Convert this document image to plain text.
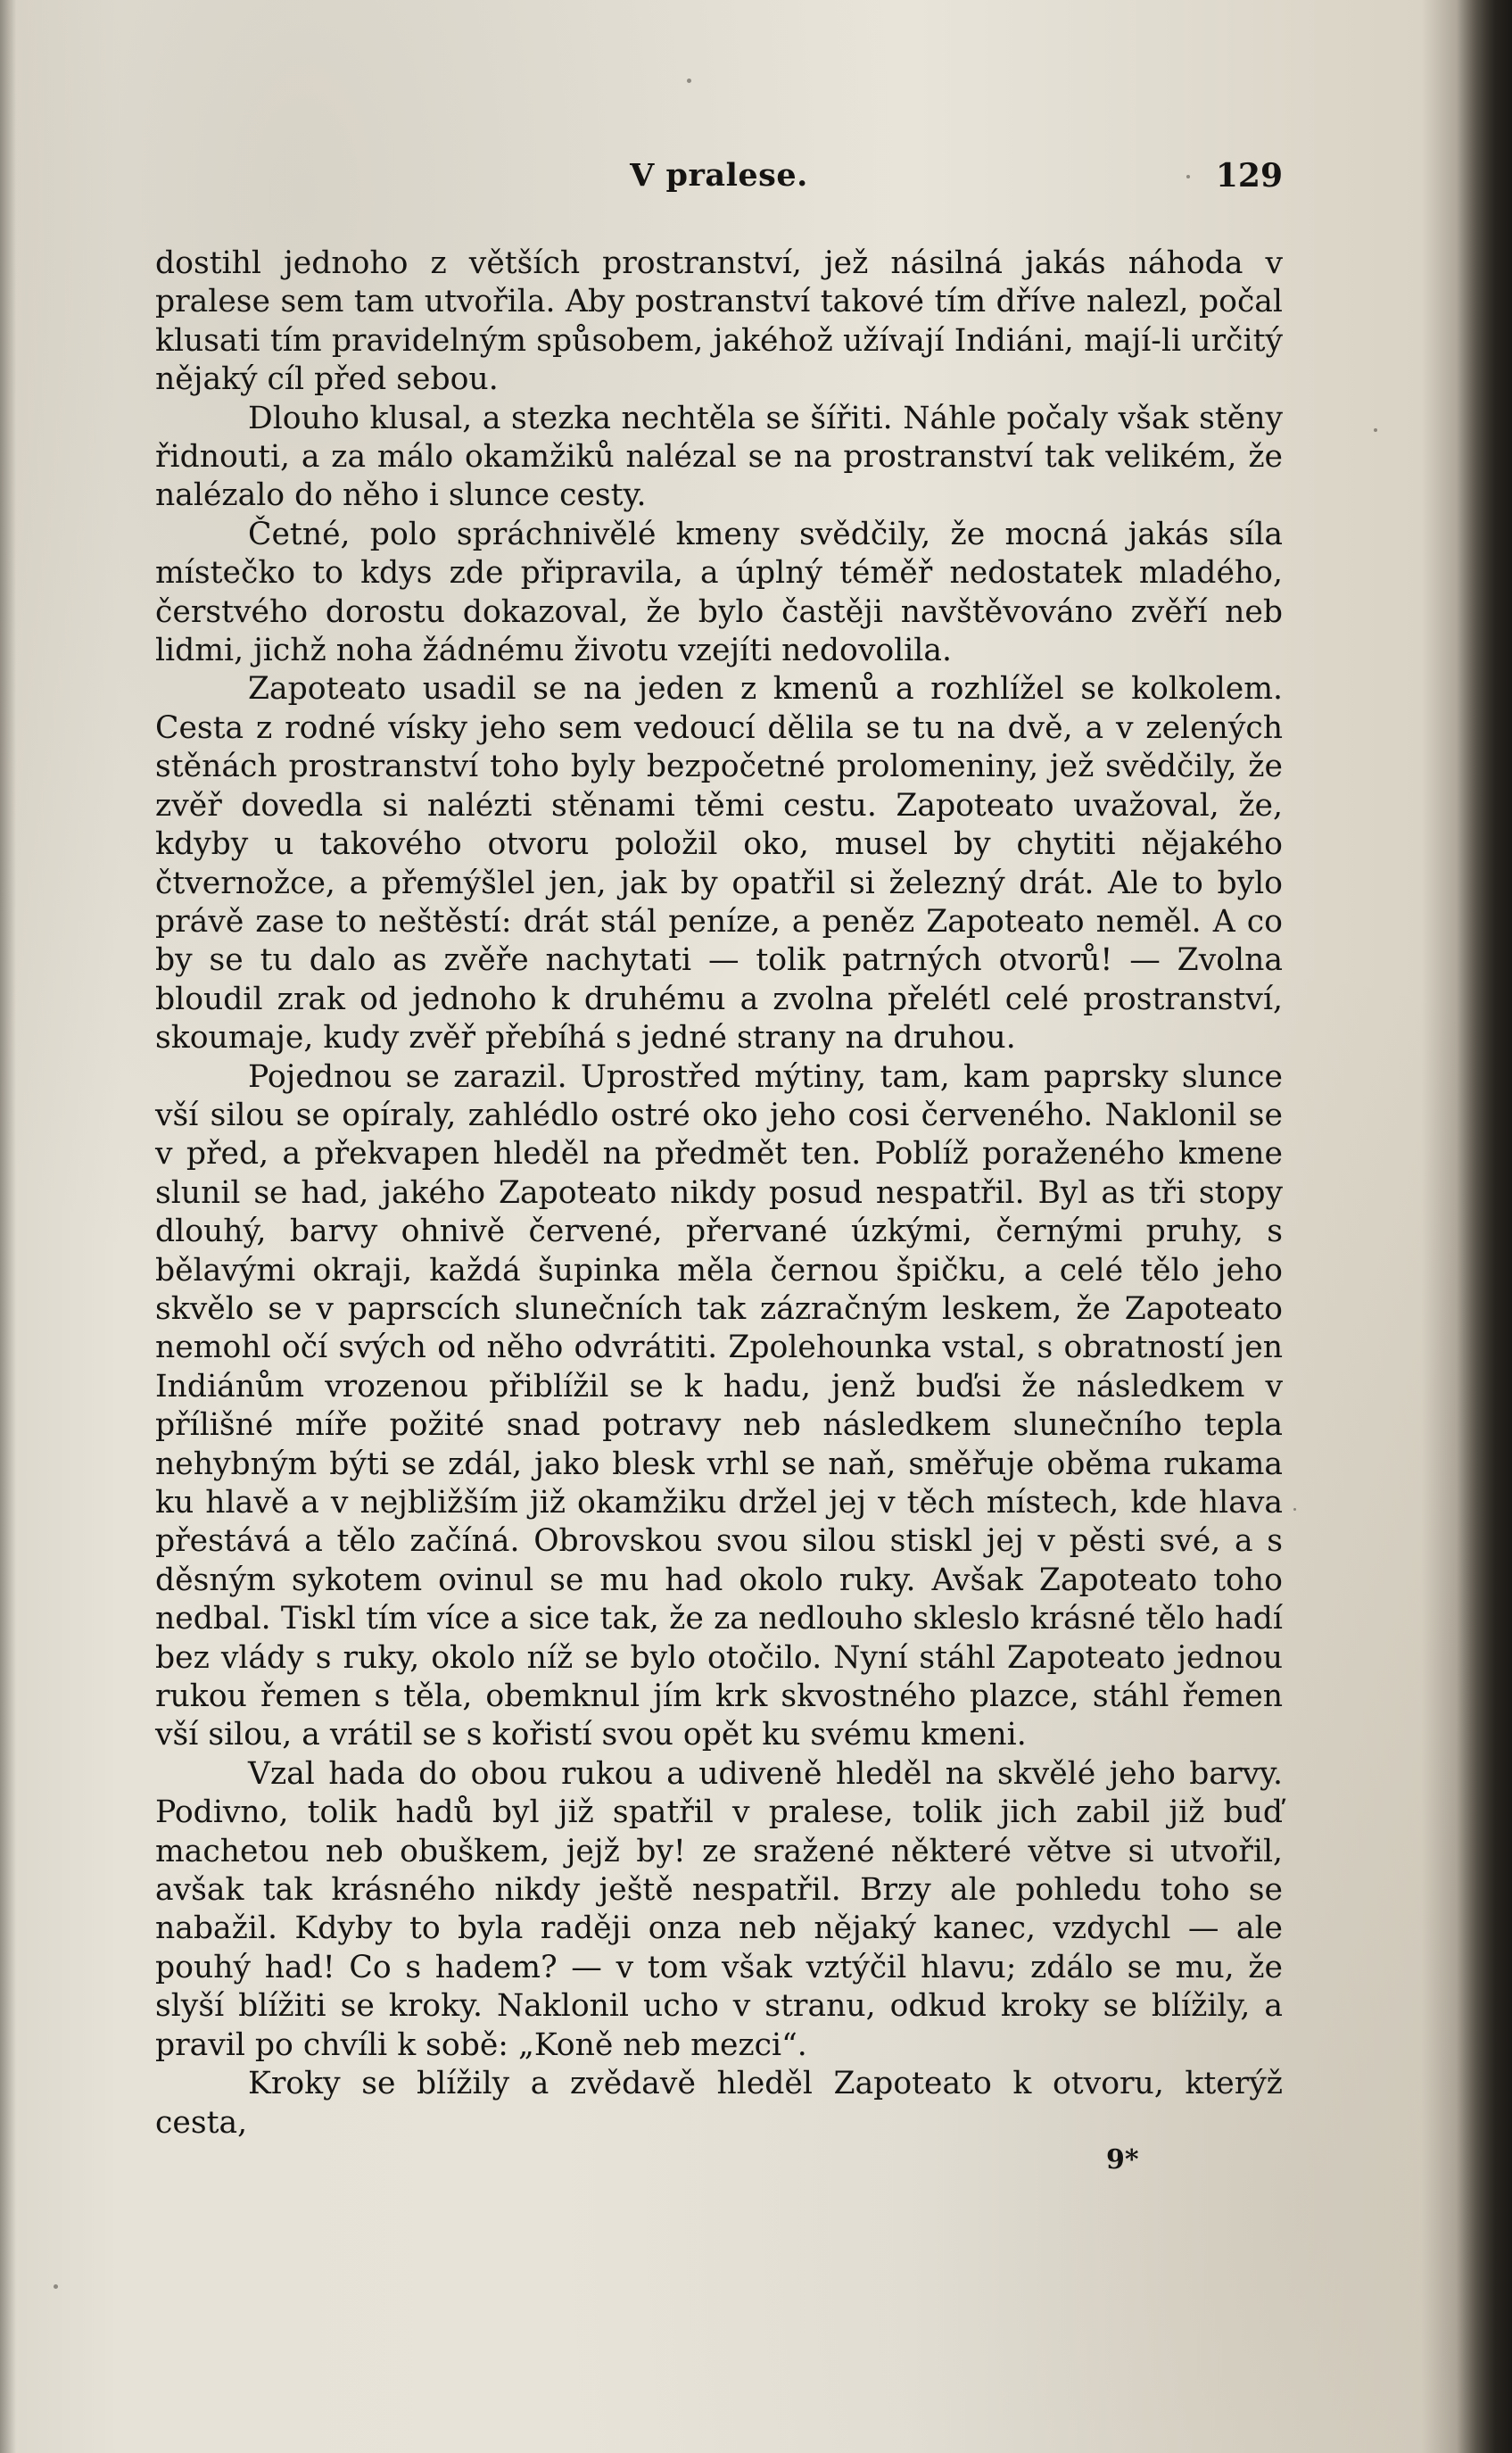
V pralese.	129

dostihl jednoho z větších prostranství, jež násilná jakás náhoda v pralese sem tam utvořila. Aby postranství takové tím dříve nalezl, počal klusati tím pravidelným spůsobem, jakéhož užívají Indiáni, mají-li určitý nějaký cíl před sebou.

Dlouho klusal, a stezka nechtěla se šířiti. Náhle počaly však stěny řidnouti, a za málo okamžiků nalézal se na prostranství tak velikém, že nalézalo do něho i slunce cesty.

Četné, polo spráchnivělé kmeny svědčily, že mocná jakás síla místečko to kdys zde připravila, a úplný téměř nedostatek mladého, čerstvého dorostu dokazoval, že bylo častěji navštěvováno zvěří neb lidmi, jichž noha žádnému životu vzejíti nedovolila.

Zapoteato usadil se na jeden z kmenů a rozhlížel se kolkolem. Cesta z rodné vísky jeho sem vedoucí dělila se tu na dvě, a v zelených stěnách prostranství toho byly bezpočetné prolomeniny, jež svědčily, že zvěř dovedla si nalézti stěnami těmi cestu. Zapoteato uvažoval, že, kdyby u takového otvoru položil oko, musel by chytiti nějakého čtvernožce, a přemýšlel jen, jak by opatřil si železný drát. Ale to bylo právě zase to neštěstí: drát stál peníze, a peněz Zapoteato neměl. A co by se tu dalo as zvěře nachytati — tolik patrných otvorů! — Zvolna bloudil zrak od jednoho k druhému a zvolna přelétl celé prostranství, skoumaje, kudy zvěř přebíhá s jedné strany na druhou.

Pojednou se zarazil. Uprostřed mýtiny, tam, kam paprsky slunce vší silou se opíraly, zahlédlo ostré oko jeho cosi červeného. Naklonil se v před, a překvapen hleděl na předmět ten. Poblíž poraženého kmene slunil se had, jakého Zapoteato nikdy posud nespatřil. Byl as tři stopy dlouhý, barvy ohnivě červené, přervané úzkými, černými pruhy, s bělavými okraji, každá šupinka měla černou špičku, a celé tělo jeho skvělo se v paprscích slunečních tak zázračným leskem, že Zapoteato nemohl očí svých od něho odvrátiti. Zpolehounka vstal, s obratností jen Indiánům vrozenou přiblížil se k hadu, jenž buďsi že následkem v přílišné míře požité snad potravy neb následkem slunečního tepla nehybným býti se zdál, jako blesk vrhl se naň, směřuje oběma rukama ku hlavě a v nejbližším již okamžiku držel jej v těch místech, kde hlava přestává a tělo začíná. Obrovskou svou silou stiskl jej v pěsti své, a s děsným sykotem ovinul se mu had okolo ruky. Avšak Zapoteato toho nedbal. Tiskl tím více a sice tak, že za nedlouho skleslo krásné tělo hadí bez vlády s ruky, okolo níž se bylo otočilo. Nyní stáhl Zapoteato jednou rukou řemen s těla, obemknul jím krk skvostného plazce, stáhl řemen vší silou, a vrátil se s kořistí svou opět ku svému kmeni.

Vzal hada do obou rukou a udiveně hleděl na skvělé jeho barvy. Podivno, tolik hadů byl již spatřil v pralese, tolik jich zabil již buď machetou neb obuškem, jejž by! ze sražené některé větve si utvořil, avšak tak krásného nikdy ještě nespatřil. Brzy ale pohledu toho se nabažil. Kdyby to byla raději onza neb nějaký kanec, vzdychl — ale pouhý had! Co s hadem? — v tom však vztýčil hlavu; zdálo se mu, že slyší blížiti se kroky. Naklonil ucho v stranu, odkud kroky se blížily, a pravil po chvíli k sobě: „Koně neb mezci“.

Kroky se blížily a zvědavě hleděl Zapoteato k otvoru, kterýž cesta,

9*
